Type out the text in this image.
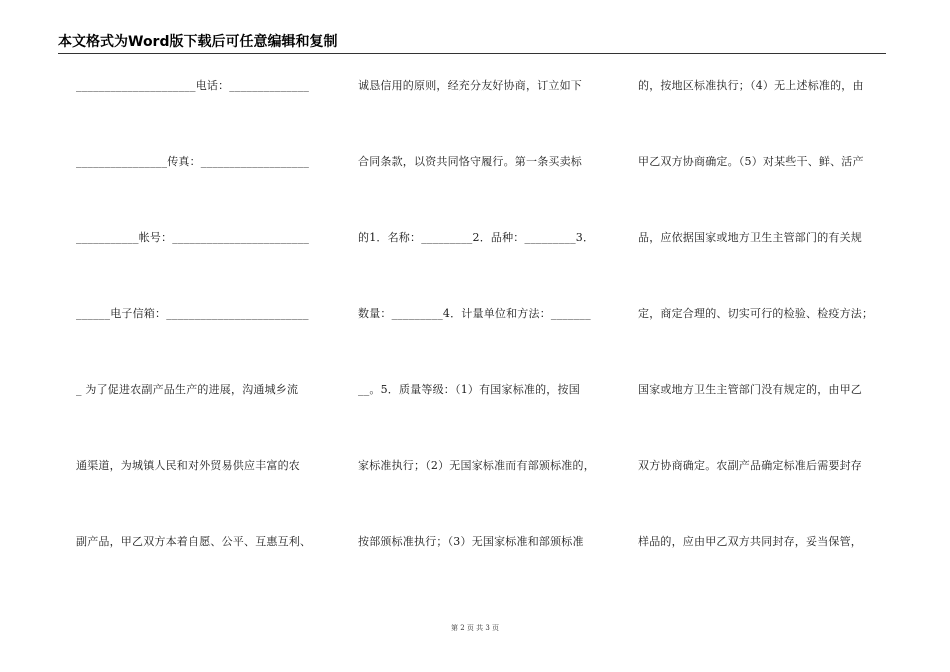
本文格式为Word版下载后可任意编辑和复制
_____________________电话：______________
________________传真：___________________
___________帐号：________________________
______电子信箱：_________________________
_ 为了促进农副产品生产的进展，沟通城乡流
通渠道，为城镇人民和对外贸易供应丰富的农
副产品，甲乙双方本着自愿、公平、互惠互利、
诚恳信用的原则，经充分友好协商，订立如下
合同条款，以资共同恪守履行。第一条买卖标
的1．名称：_________2．品种：_________3．
数量：_________4．计量单位和方法：_______
__。5．质量等级：（1）有国家标准的，按国
家标准执行；（2）无国家标准而有部颁标准的，
按部颁标准执行；（3）无国家标准和部颁标准
的，按地区标准执行；（4）无上述标准的，由
甲乙双方协商确定。（5）对某些干、鲜、活产
品，应依据国家或地方卫生主管部门的有关规
定，商定合理的、切实可行的检验、检疫方法；
国家或地方卫生主管部门没有规定的，由甲乙
双方协商确定。农副产品确定标准后需要封存
样品的，应由甲乙双方共同封存，妥当保管，
第 2 页 共 3 页
